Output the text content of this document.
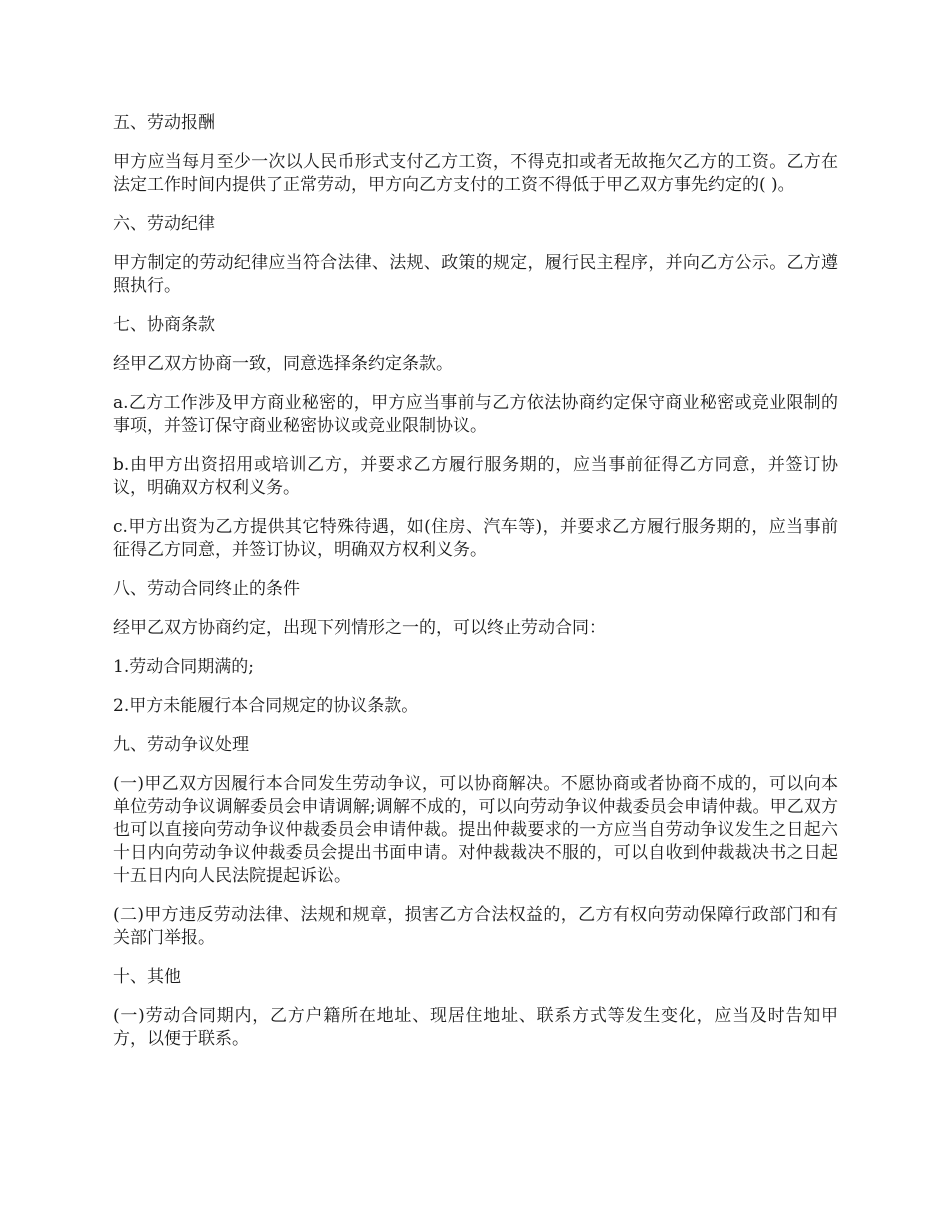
五、劳动报酬

甲方应当每月至少一次以人民币形式支付乙方工资，不得克扣或者无故拖欠乙方的工资。乙方在法定工作时间内提供了正常劳动，甲方向乙方支付的工资不得低于甲乙双方事先约定的( )。

六、劳动纪律

甲方制定的劳动纪律应当符合法律、法规、政策的规定，履行民主程序，并向乙方公示。乙方遵照执行。

七、协商条款

经甲乙双方协商一致，同意选择条约定条款。

a.乙方工作涉及甲方商业秘密的，甲方应当事前与乙方依法协商约定保守商业秘密或竞业限制的事项，并签订保守商业秘密协议或竞业限制协议。

b.由甲方出资招用或培训乙方，并要求乙方履行服务期的，应当事前征得乙方同意，并签订协议，明确双方权利义务。

c.甲方出资为乙方提供其它特殊待遇，如(住房、汽车等)，并要求乙方履行服务期的，应当事前征得乙方同意，并签订协议，明确双方权利义务。

八、劳动合同终止的条件

经甲乙双方协商约定，出现下列情形之一的，可以终止劳动合同：

1.劳动合同期满的;

2.甲方未能履行本合同规定的协议条款。

九、劳动争议处理

(一)甲乙双方因履行本合同发生劳动争议，可以协商解决。不愿协商或者协商不成的，可以向本单位劳动争议调解委员会申请调解;调解不成的，可以向劳动争议仲裁委员会申请仲裁。甲乙双方也可以直接向劳动争议仲裁委员会申请仲裁。提出仲裁要求的一方应当自劳动争议发生之日起六十日内向劳动争议仲裁委员会提出书面申请。对仲裁裁决不服的，可以自收到仲裁裁决书之日起十五日内向人民法院提起诉讼。

(二)甲方违反劳动法律、法规和规章，损害乙方合法权益的，乙方有权向劳动保障行政部门和有关部门举报。

十、其他

(一)劳动合同期内，乙方户籍所在地址、现居住地址、联系方式等发生变化，应当及时告知甲方，以便于联系。
